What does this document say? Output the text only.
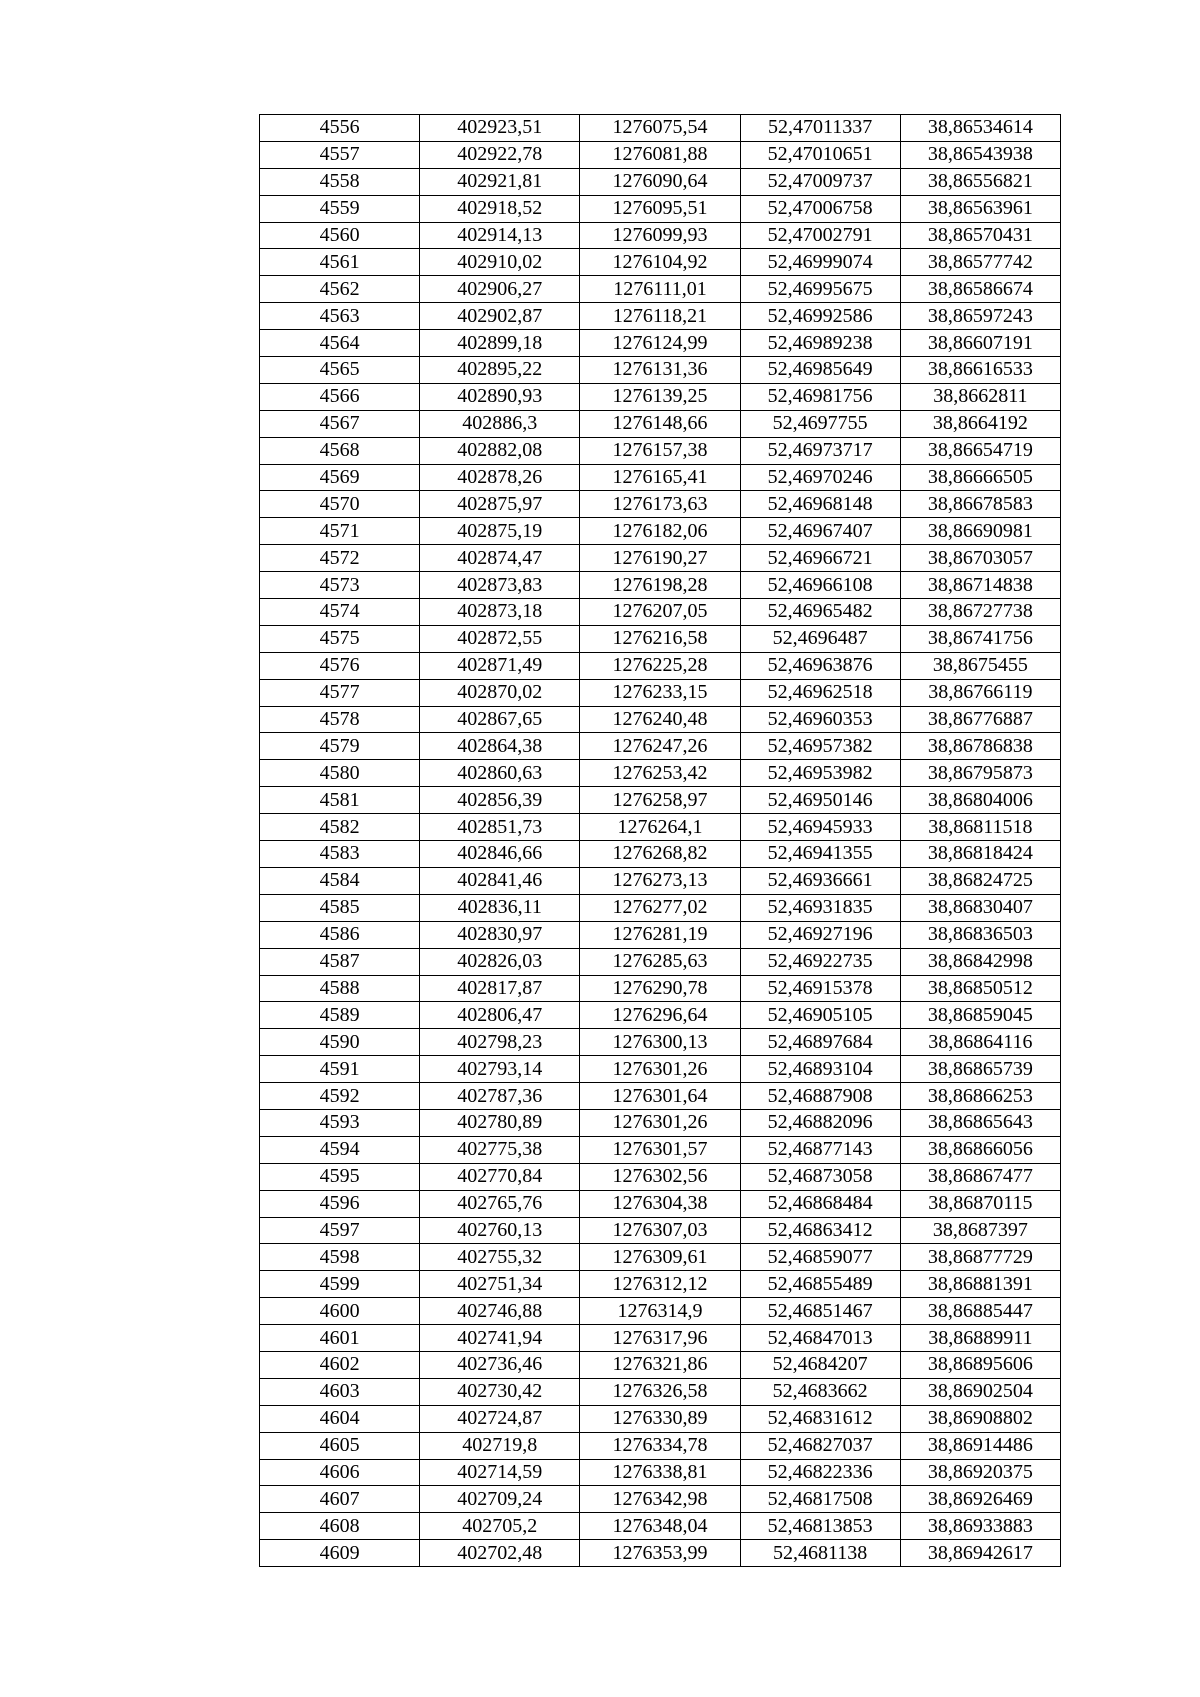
4556	402923,51	1276075,54	52,47011337	38,86534614
4557	402922,78	1276081,88	52,47010651	38,86543938
4558	402921,81	1276090,64	52,47009737	38,86556821
4559	402918,52	1276095,51	52,47006758	38,86563961
4560	402914,13	1276099,93	52,47002791	38,86570431
4561	402910,02	1276104,92	52,46999074	38,86577742
4562	402906,27	1276111,01	52,46995675	38,86586674
4563	402902,87	1276118,21	52,46992586	38,86597243
4564	402899,18	1276124,99	52,46989238	38,86607191
4565	402895,22	1276131,36	52,46985649	38,86616533
4566	402890,93	1276139,25	52,46981756	38,8662811
4567	402886,3	1276148,66	52,4697755	38,8664192
4568	402882,08	1276157,38	52,46973717	38,86654719
4569	402878,26	1276165,41	52,46970246	38,86666505
4570	402875,97	1276173,63	52,46968148	38,86678583
4571	402875,19	1276182,06	52,46967407	38,86690981
4572	402874,47	1276190,27	52,46966721	38,86703057
4573	402873,83	1276198,28	52,46966108	38,86714838
4574	402873,18	1276207,05	52,46965482	38,86727738
4575	402872,55	1276216,58	52,4696487	38,86741756
4576	402871,49	1276225,28	52,46963876	38,8675455
4577	402870,02	1276233,15	52,46962518	38,86766119
4578	402867,65	1276240,48	52,46960353	38,86776887
4579	402864,38	1276247,26	52,46957382	38,86786838
4580	402860,63	1276253,42	52,46953982	38,86795873
4581	402856,39	1276258,97	52,46950146	38,86804006
4582	402851,73	1276264,1	52,46945933	38,86811518
4583	402846,66	1276268,82	52,46941355	38,86818424
4584	402841,46	1276273,13	52,46936661	38,86824725
4585	402836,11	1276277,02	52,46931835	38,86830407
4586	402830,97	1276281,19	52,46927196	38,86836503
4587	402826,03	1276285,63	52,46922735	38,86842998
4588	402817,87	1276290,78	52,46915378	38,86850512
4589	402806,47	1276296,64	52,46905105	38,86859045
4590	402798,23	1276300,13	52,46897684	38,86864116
4591	402793,14	1276301,26	52,46893104	38,86865739
4592	402787,36	1276301,64	52,46887908	38,86866253
4593	402780,89	1276301,26	52,46882096	38,86865643
4594	402775,38	1276301,57	52,46877143	38,86866056
4595	402770,84	1276302,56	52,46873058	38,86867477
4596	402765,76	1276304,38	52,46868484	38,86870115
4597	402760,13	1276307,03	52,46863412	38,8687397
4598	402755,32	1276309,61	52,46859077	38,86877729
4599	402751,34	1276312,12	52,46855489	38,86881391
4600	402746,88	1276314,9	52,46851467	38,86885447
4601	402741,94	1276317,96	52,46847013	38,86889911
4602	402736,46	1276321,86	52,4684207	38,86895606
4603	402730,42	1276326,58	52,4683662	38,86902504
4604	402724,87	1276330,89	52,46831612	38,86908802
4605	402719,8	1276334,78	52,46827037	38,86914486
4606	402714,59	1276338,81	52,46822336	38,86920375
4607	402709,24	1276342,98	52,46817508	38,86926469
4608	402705,2	1276348,04	52,46813853	38,86933883
4609	402702,48	1276353,99	52,4681138	38,86942617
